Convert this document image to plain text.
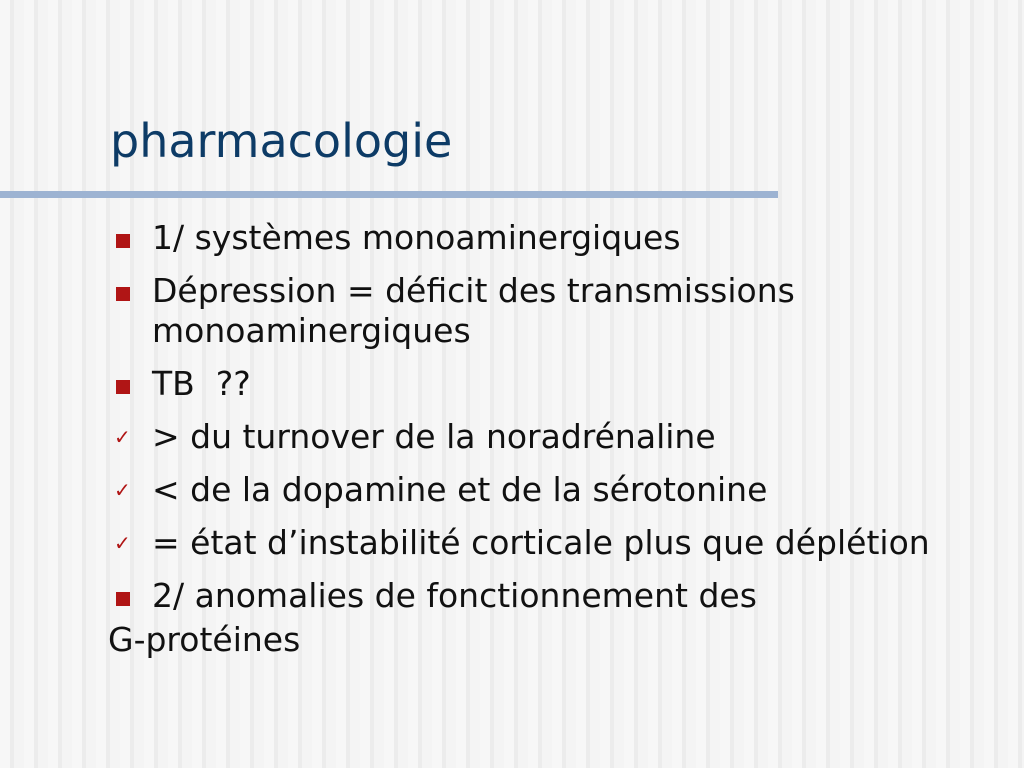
pharmacologie
1/ systèmes monoaminergiques
Dépression = déficit des transmissions monoaminergiques
TB  ??
✓ > du turnover de la noradrénaline
✓ < de la dopamine et de la sérotonine
✓ = état d’instabilité corticale plus que déplétion
2/ anomalies de fonctionnement des
G-protéines
